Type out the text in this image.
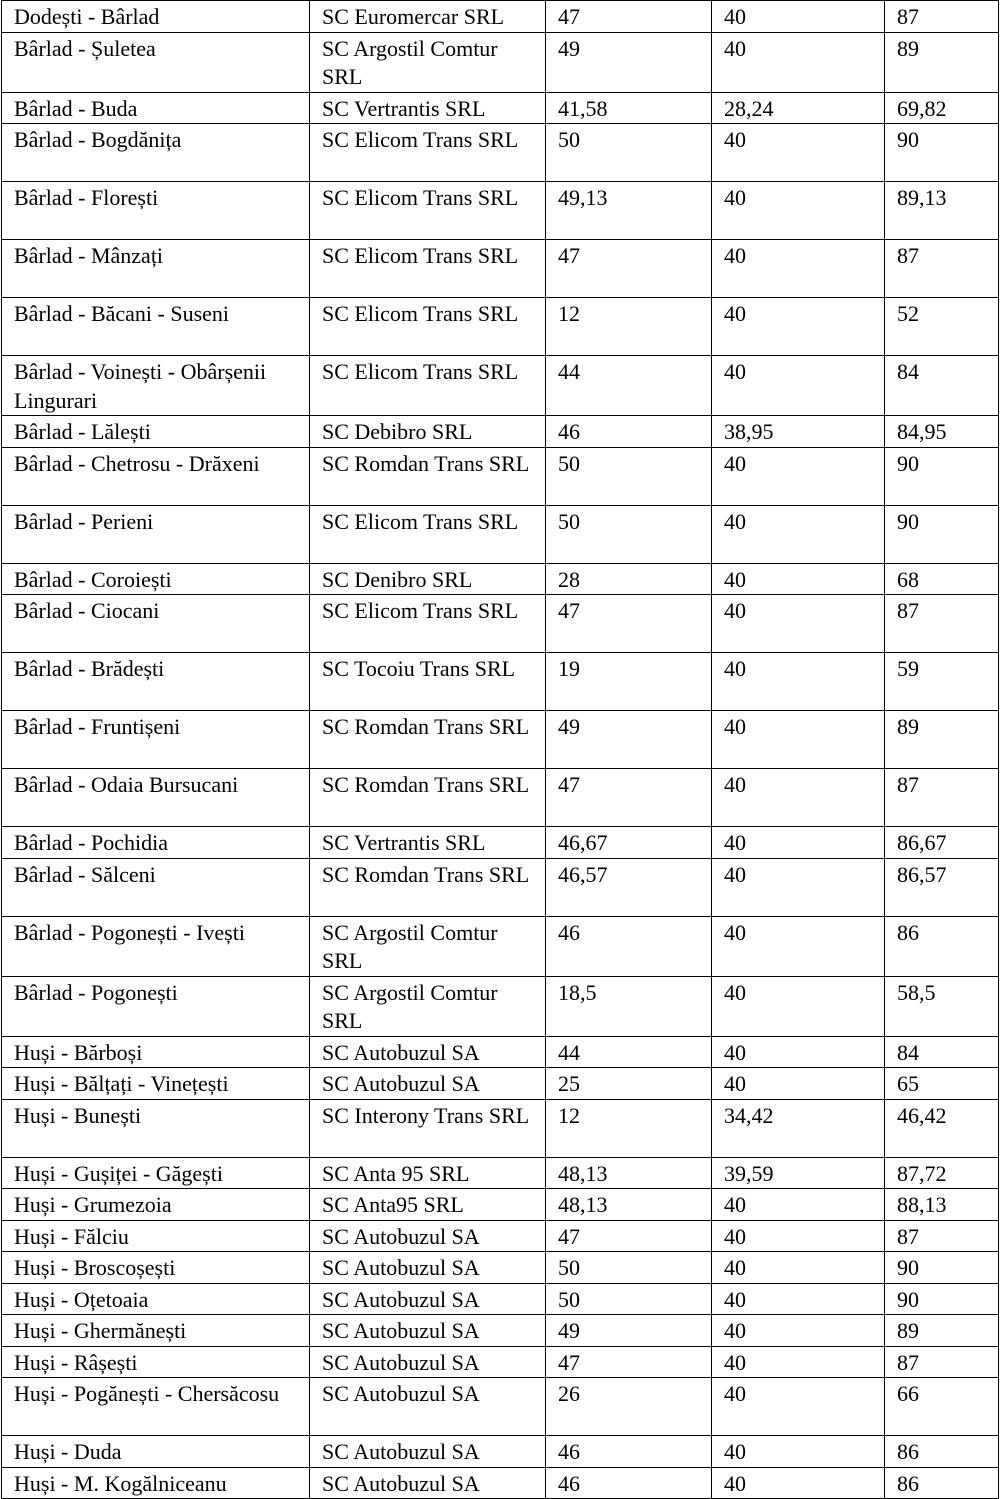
Dodești - Bârlad	SC Euromercar SRL	47	40	87
Bârlad - Șuletea	SC Argostil Comtur SRL	49	40	89
Bârlad - Buda	SC Vertrantis SRL	41,58	28,24	69,82
Bârlad - Bogdănița	SC Elicom Trans SRL	50	40	90
Bârlad - Florești	SC Elicom Trans SRL	49,13	40	89,13
Bârlad - Mânzați	SC Elicom Trans SRL	47	40	87
Bârlad - Băcani - Suseni	SC Elicom Trans SRL	12	40	52
Bârlad - Voinești - Obârșenii Lingurari	SC Elicom Trans SRL	44	40	84
Bârlad - Lălești	SC Debibro SRL	46	38,95	84,95
Bârlad - Chetrosu - Drăxeni	SC Romdan Trans SRL	50	40	90
Bârlad - Perieni	SC Elicom Trans SRL	50	40	90
Bârlad - Coroiești	SC Denibro SRL	28	40	68
Bârlad - Ciocani	SC Elicom Trans SRL	47	40	87
Bârlad - Brădești	SC Tocoiu Trans SRL	19	40	59
Bârlad - Fruntișeni	SC Romdan Trans SRL	49	40	89
Bârlad - Odaia Bursucani	SC Romdan Trans SRL	47	40	87
Bârlad - Pochidia	SC Vertrantis SRL	46,67	40	86,67
Bârlad - Sălceni	SC Romdan Trans SRL	46,57	40	86,57
Bârlad - Pogonești - Ivești	SC Argostil Comtur SRL	46	40	86
Bârlad - Pogonești	SC Argostil Comtur SRL	18,5	40	58,5
Huși - Bărboși	SC Autobuzul SA	44	40	84
Huși - Bălțați - Vinețești	SC Autobuzul SA	25	40	65
Huși - Bunești	SC Interony Trans SRL	12	34,42	46,42
Huși - Gușiței - Găgești	SC Anta 95 SRL	48,13	39,59	87,72
Huși - Grumezoia	SC Anta95 SRL	48,13	40	88,13
Huși - Fălciu	SC Autobuzul SA	47	40	87
Huși - Broscoșești	SC Autobuzul SA	50	40	90
Huși - Oțetoaia	SC Autobuzul SA	50	40	90
Huși - Ghermănești	SC Autobuzul SA	49	40	89
Huși - Râșești	SC Autobuzul SA	47	40	87
Huși - Pogănești - Chersăcosu	SC Autobuzul SA	26	40	66
Huși - Duda	SC Autobuzul SA	46	40	86
Huși - M. Kogălniceanu	SC Autobuzul SA	46	40	86
